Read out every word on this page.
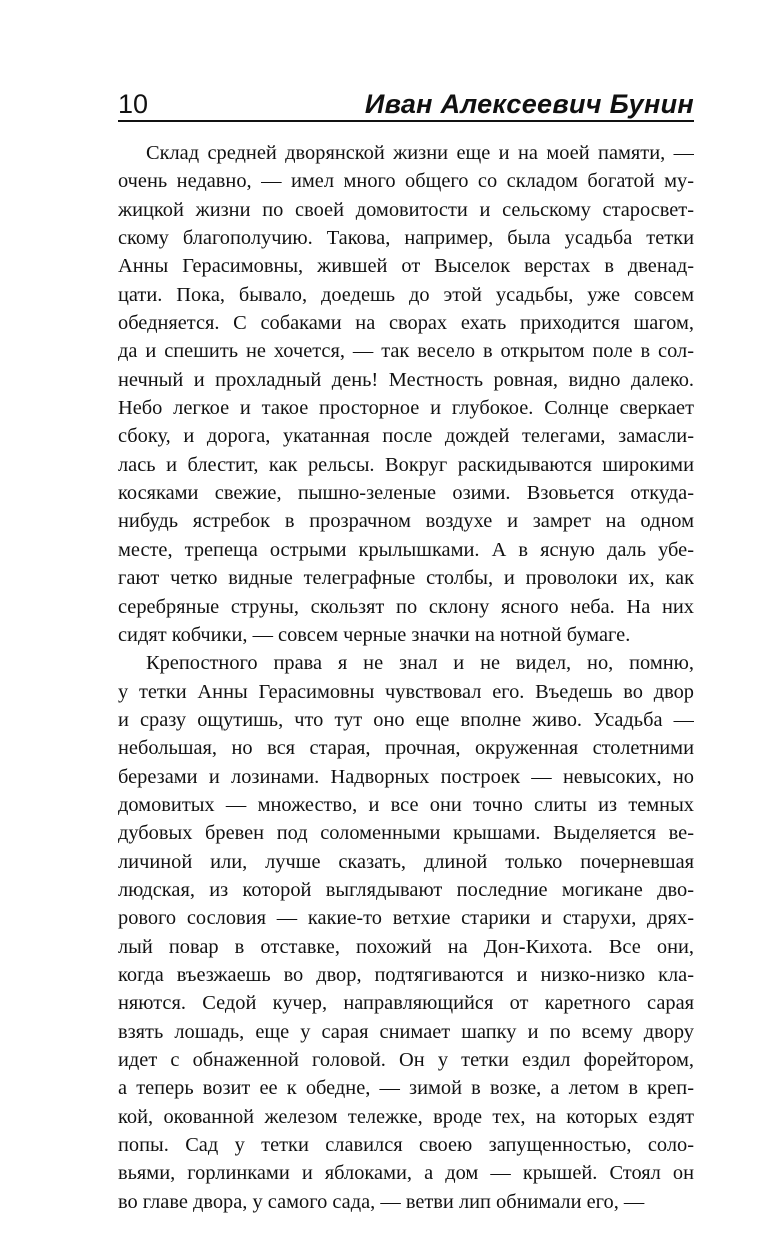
10	Иван Алексеевич Бунин
Склад средней дворянской жизни еще и на моей памяти, —
очень недавно, — имел много общего со складом богатой му-
жицкой жизни по своей домовитости и сельскому старосвет-
скому благополучию. Такова, например, была усадьба тетки
Анны Герасимовны, жившей от Выселок верстах в двенад-
цати. Пока, бывало, доедешь до этой усадьбы, уже совсем
обедняется. С собаками на сворах ехать приходится шагом,
да и спешить не хочется, — так весело в открытом поле в сол-
нечный и прохладный день! Местность ровная, видно далеко.
Небо легкое и такое просторное и глубокое. Солнце сверкает
сбоку, и дорога, укатанная после дождей телегами, замасли-
лась и блестит, как рельсы. Вокруг раскидываются широкими
косяками свежие, пышно-зеленые озими. Взовьется откуда-
нибудь ястребок в прозрачном воздухе и замрет на одном
месте, трепеща острыми крылышками. А в ясную даль убе-
гают четко видные телеграфные столбы, и проволоки их, как
серебряные струны, скользят по склону ясного неба. На них
сидят кобчики, — совсем черные значки на нотной бумаге.
Крепостного права я не знал и не видел, но, помню,
у тетки Анны Герасимовны чувствовал его. Въедешь во двор
и сразу ощутишь, что тут оно еще вполне живо. Усадьба —
небольшая, но вся старая, прочная, окруженная столетними
березами и лозинами. Надворных построек — невысоких, но
домовитых — множество, и все они точно слиты из темных
дубовых бревен под соломенными крышами. Выделяется ве-
личиной или, лучше сказать, длиной только почерневшая
людская, из которой выглядывают последние могикане дво-
рового сословия — какие-то ветхие старики и старухи, дрях-
лый повар в отставке, похожий на Дон-Кихота. Все они,
когда въезжаешь во двор, подтягиваются и низко-низко кла-
няются. Седой кучер, направляющийся от каретного сарая
взять лошадь, еще у сарая снимает шапку и по всему двору
идет с обнаженной головой. Он у тетки ездил форейтором,
а теперь возит ее к обедне, — зимой в возке, а летом в креп-
кой, окованной железом тележке, вроде тех, на которых ездят
попы. Сад у тетки славился своею запущенностью, соло-
вьями, горлинками и яблоками, а дом — крышей. Стоял он
во главе двора, у самого сада, — ветви лип обнимали его, —
